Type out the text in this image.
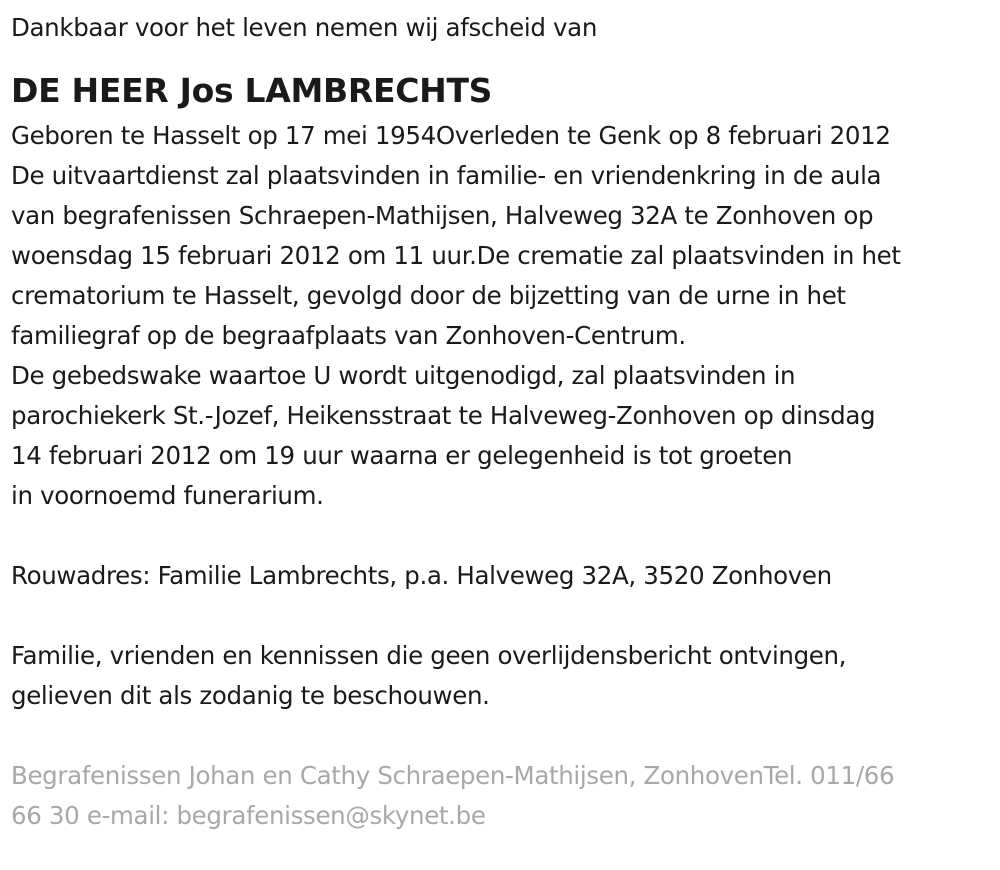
Dankbaar voor het leven nemen wij afscheid van
DE HEER Jos LAMBRECHTS
Geboren te Hasselt op 17 mei 1954Overleden te Genk op 8 februari 2012
De uitvaartdienst zal plaatsvinden in familie- en vriendenkring in de aula
van begrafenissen Schraepen-Mathijsen, Halveweg 32A te Zonhoven op
woensdag 15 februari 2012 om 11 uur.De crematie zal plaatsvinden in het
crematorium te Hasselt, gevolgd door de bijzetting van de urne in het
familiegraf op de begraafplaats van Zonhoven-Centrum.
De gebedswake waartoe U wordt uitgenodigd, zal plaatsvinden in
parochiekerk St.-Jozef, Heikensstraat te Halveweg-Zonhoven op dinsdag
14 februari 2012 om 19 uur waarna er gelegenheid is tot groeten
in voornoemd funerarium.
Rouwadres: Familie Lambrechts, p.a. Halveweg 32A, 3520 Zonhoven
Familie, vrienden en kennissen die geen overlijdensbericht ontvingen,
gelieven dit als zodanig te beschouwen.
Begrafenissen Johan en Cathy Schraepen-Mathijsen, ZonhovenTel. 011/66
66 30 e-mail: begrafenissen@skynet.be
